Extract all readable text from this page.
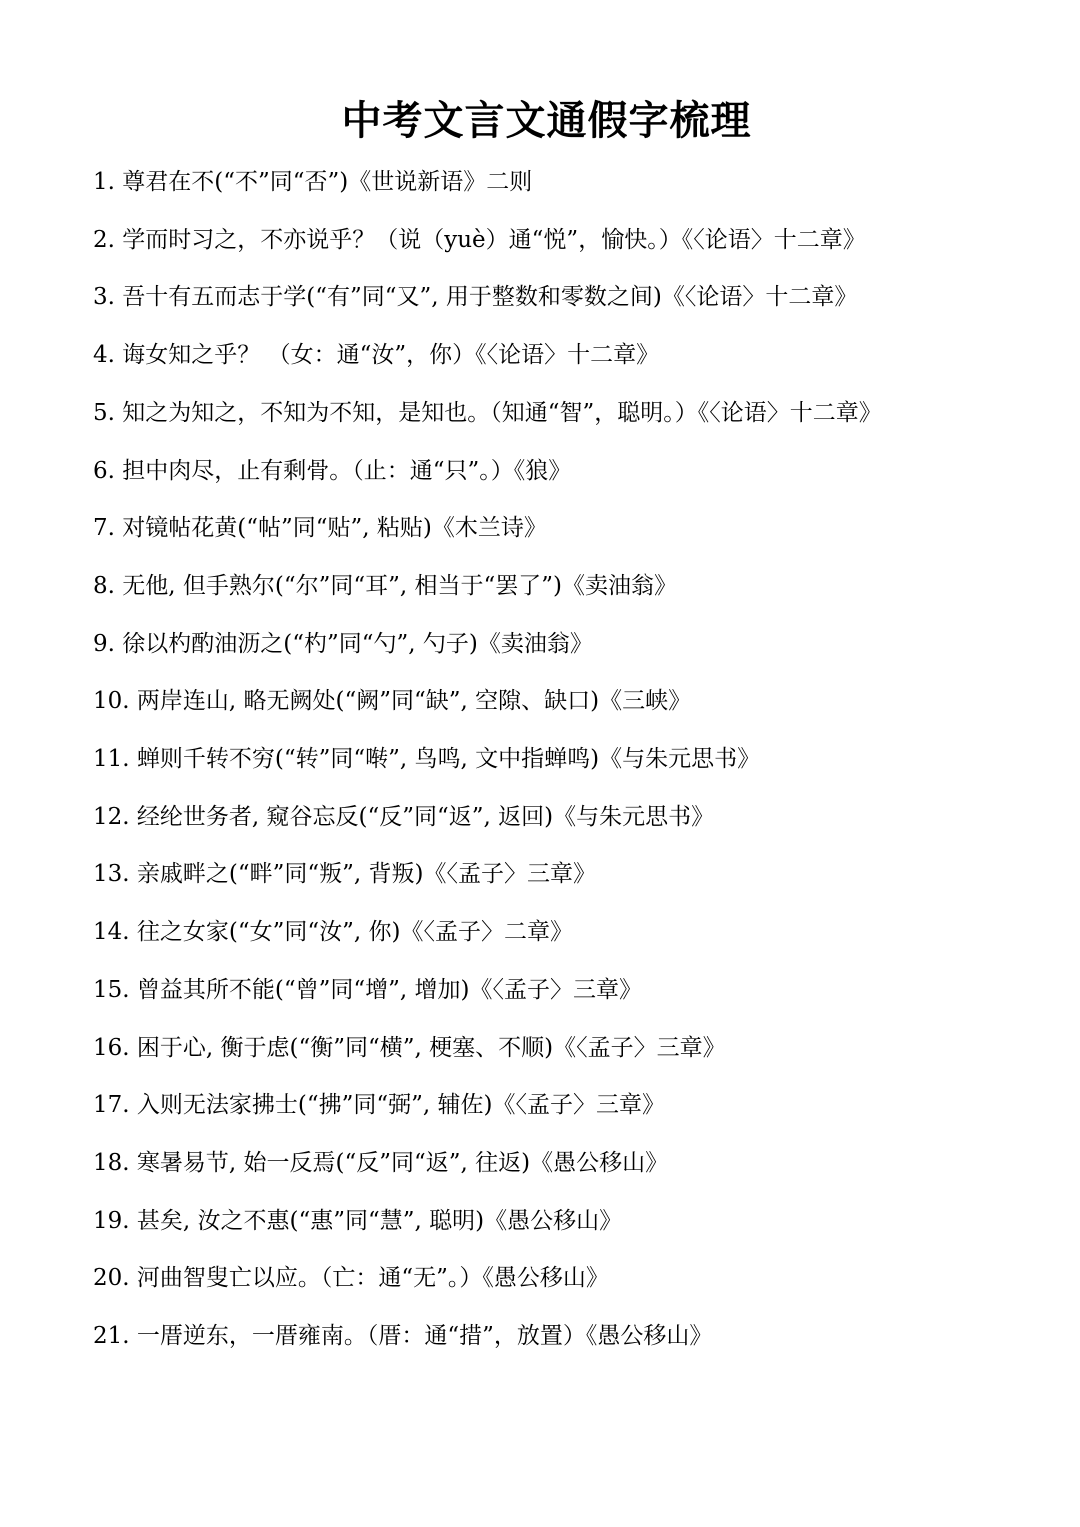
中考文言文通假字梳理
1. 尊君在不(“不”同“否”)《世说新语》二则
2. 学而时习之，不亦说乎？（说（yuè）通“悦”，愉快。）《〈论语〉十二章》
3. 吾十有五而志于学(“有”同“又”, 用于整数和零数之间)《〈论语〉十二章》
4. 诲女知之乎？ （女：通“汝”，你）《〈论语〉十二章》
5. 知之为知之，不知为不知，是知也。（知通“智”，聪明。）《〈论语〉十二章》
6. 担中肉尽，止有剩骨。（止：通“只”。）《狼》
7. 对镜帖花黄(“帖”同“贴”, 粘贴)《木兰诗》
8. 无他, 但手熟尔(“尔”同“耳”, 相当于“罢了”)《卖油翁》
9. 徐以杓酌油沥之(“杓”同“勺”, 勺子)《卖油翁》
10. 两岸连山, 略无阙处(“阙”同“缺”, 空隙、缺口)《三峡》
11. 蝉则千转不穷(“转”同“啭”, 鸟鸣, 文中指蝉鸣)《与朱元思书》
12. 经纶世务者, 窥谷忘反(“反”同“返”, 返回)《与朱元思书》
13. 亲戚畔之(“畔”同“叛”, 背叛)《〈孟子〉三章》
14. 往之女家(“女”同“汝”, 你)《〈孟子〉二章》
15. 曾益其所不能(“曾”同“增”, 增加)《〈孟子〉三章》
16. 困于心, 衡于虑(“衡”同“横”, 梗塞、不顺)《〈孟子〉三章》
17. 入则无法家拂士(“拂”同“弼”, 辅佐)《〈孟子〉三章》
18. 寒暑易节, 始一反焉(“反”同“返”, 往返)《愚公移山》
19. 甚矣, 汝之不惠(“惠”同“慧”, 聪明)《愚公移山》
20. 河曲智叟亡以应。（亡：通“无”。）《愚公移山》
21. 一厝逆东，一厝雍南。（厝：通“措”，放置）《愚公移山》
